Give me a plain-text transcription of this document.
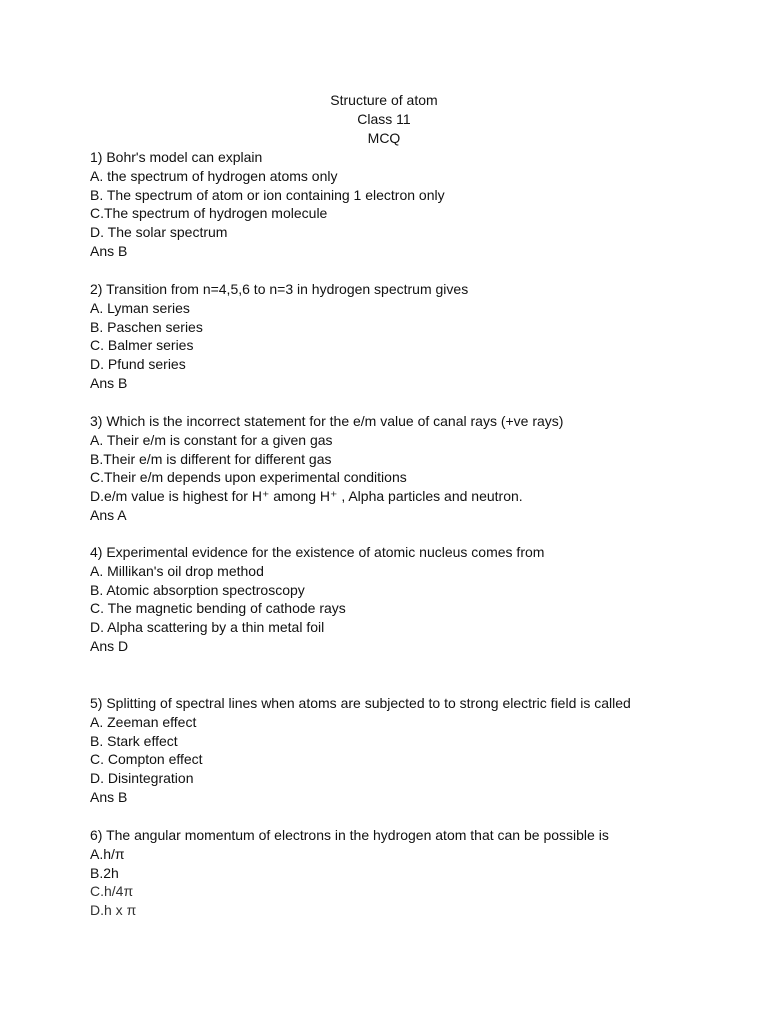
Structure of atom
Class 11
MCQ
1) Bohr's model can explain
A. the spectrum of hydrogen atoms only
B. The spectrum of atom or ion containing 1 electron only
C.The spectrum of hydrogen molecule
D. The solar spectrum
Ans B
2) Transition from n=4,5,6 to n=3 in hydrogen spectrum gives
A. Lyman series
B. Paschen series
C. Balmer series
D. Pfund series
Ans B
3) Which is the incorrect statement for the e/m value of canal rays (+ve rays)
A. Their e/m is constant for a given gas
B.Their e/m is different for different gas
C.Their e/m depends upon experimental conditions
D.e/m value is highest for H⁺ among H⁺ , Alpha particles and neutron.
Ans A
4) Experimental evidence for the existence of atomic nucleus comes from
A. Millikan's oil drop method
B. Atomic absorption spectroscopy
C. The magnetic bending of cathode rays
D. Alpha scattering by a thin metal foil
Ans D
5) Splitting of spectral lines when atoms are subjected to to strong electric field is called
A. Zeeman effect
B. Stark effect
C. Compton effect
D. Disintegration
Ans B
6) The angular momentum of electrons in the hydrogen atom that can be possible is
A.h/π
B.2h
C.h/4π
D.h x π
